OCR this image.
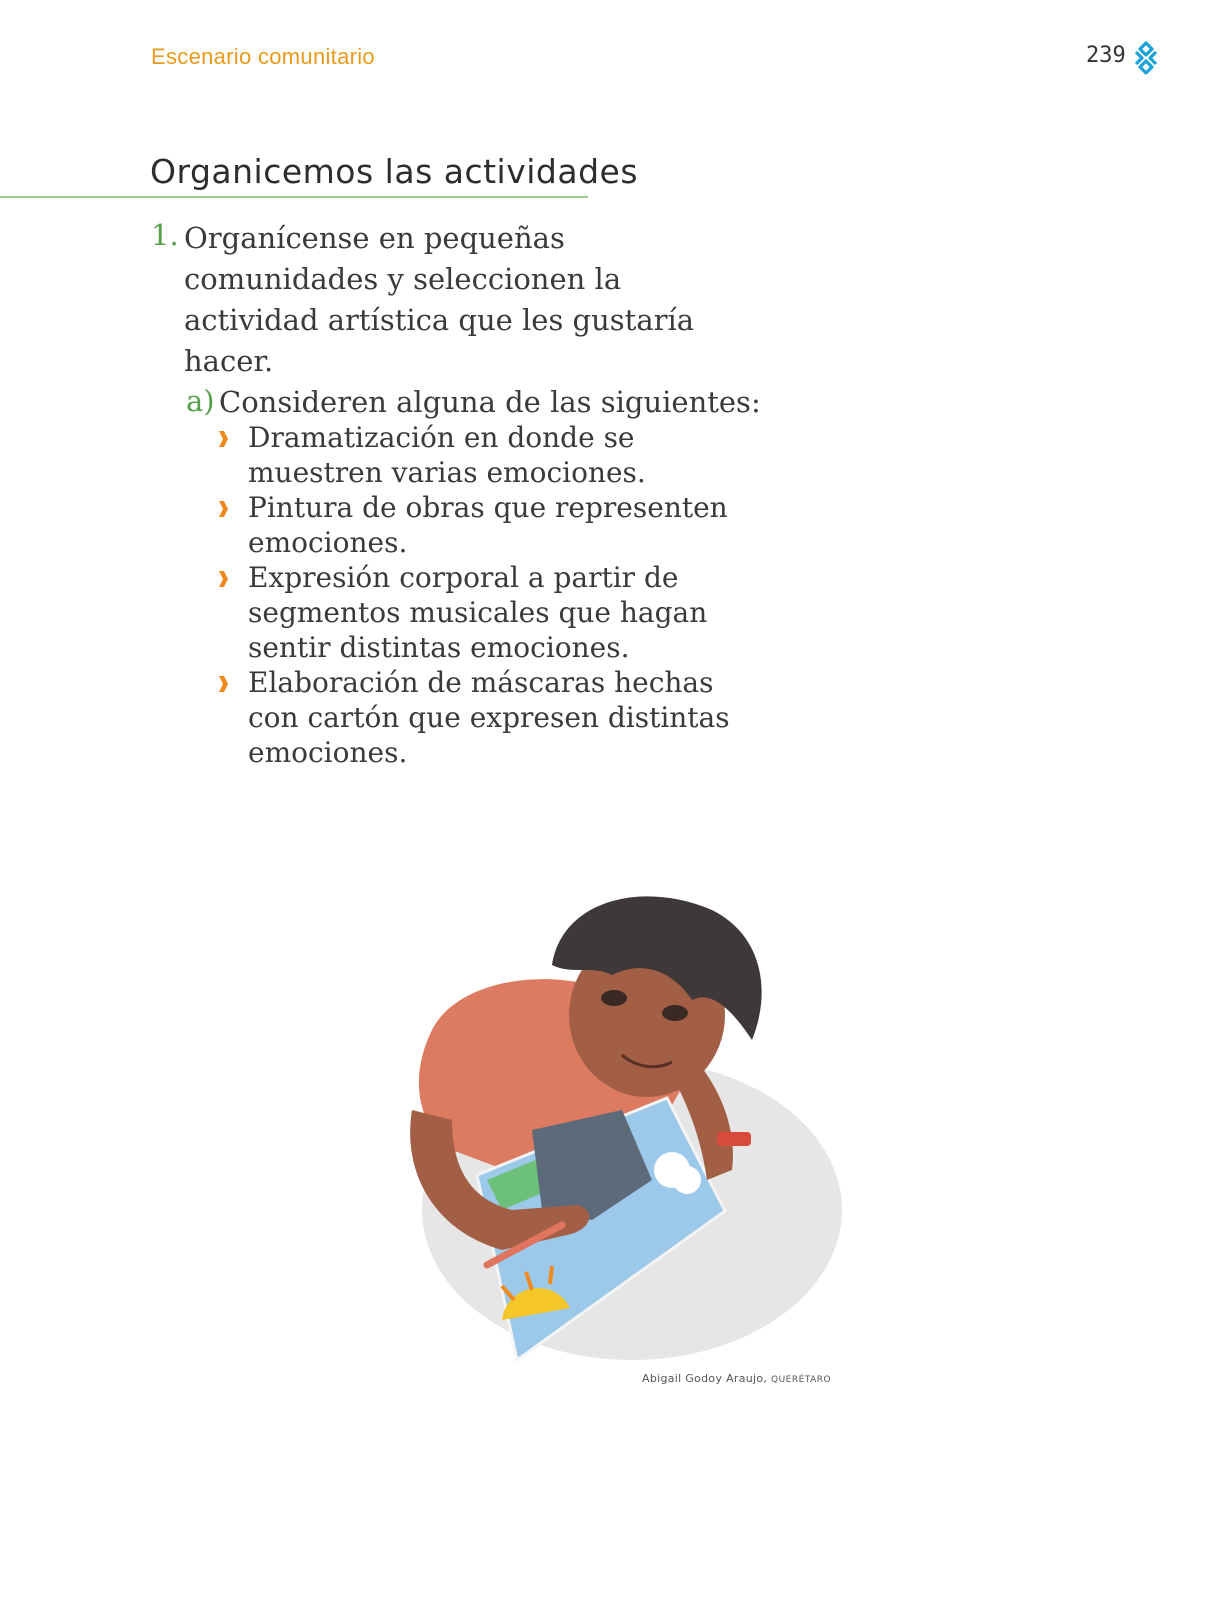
Escenario comunitario	239
Organicemos las actividades
1. Organícense en pequeñas comunidades y seleccionen la actividad artística que les gustaría hacer.
a) Consideren alguna de las siguientes:
Dramatización en donde se muestren varias emociones.
Pintura de obras que representen emociones.
Expresión corporal a partir de segmentos musicales que hagan sentir distintas emociones.
Elaboración de máscaras hechas con cartón que expresen distintas emociones.
Abigail Godoy Araujo, QUERÉTARO
